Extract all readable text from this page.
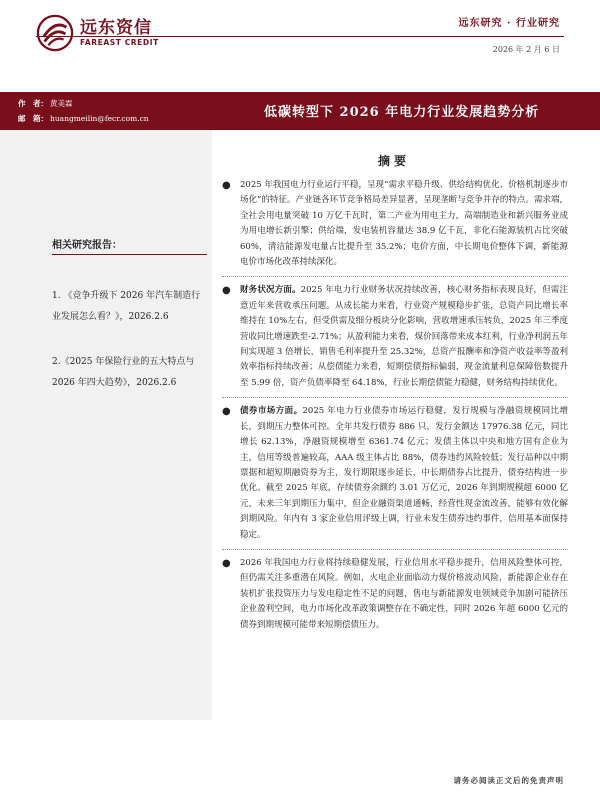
远东资信
FAREAST CREDIT
远东研究 · 行业研究
2026 年 2 月 6 日
作　者： 黄美霖
邮　箱： huangmeilin@fecr.com.cn	低碳转型下 2026 年电力行业发展趋势分析
相关研究报告：
1. 《竞争升级下 2026 年汽车制造行业发展怎么看？》，2026.2.6
2.《2025 年保险行业的五大特点与 2026 年四大趋势》，2026.2.6
摘要
● 2025 年我国电力行业运行平稳，呈现“需求平稳升级、供给结构优化、价格机制逐步市场化”的特征。产业链各环节竞争格局差异显著，呈现垄断与竞争并存的特点。需求端，全社会用电量突破 10 万亿千瓦时，第二产业为用电主力，高端制造业和新兴服务业成为用电增长新引擎；供给端，发电装机容量达 38.9 亿千瓦，非化石能源装机占比突破 60%，清洁能源发电量占比提升至 35.2%；电价方面，中长期电价整体下调，新能源电价市场化改革持续深化。
● 财务状况方面。2025 年电力行业财务状况持续改善，核心财务指标表现良好，但需注意近年来营收承压问题。从成长能力来看，行业资产规模稳步扩张，总资产同比增长率维持在 10%左右，但受供需及细分板块分化影响，营收增速承压转负，2025 年三季度营收同比增速跌至-2.71%；从盈利能力来看，煤价回落带来成本红利，行业净利润五年间实现超 3 倍增长，销售毛利率提升至 25.32%，总资产报酬率和净资产收益率等盈利效率指标持续改善；从偿债能力来看，短期偿债指标偏弱，现金流量利息保障倍数提升至 5.99 倍，资产负债率降至 64.18%，行业长期偿债能力稳健，财务结构持续优化。
● 债券市场方面。2025 年电力行业债券市场运行稳健，发行规模与净融资规模同比增长，到期压力整体可控。全年共发行债券 886 只，发行金额达 17976.38 亿元，同比增长 62.13%，净融资规模增至 6361.74 亿元；发债主体以中央和地方国有企业为主，信用等级普遍较高，AAA 级主体占比 88%，债券违约风险较低；发行品种以中期票据和超短期融资券为主，发行期限逐步延长，中长期债券占比提升，债券结构进一步优化。截至 2025 年底，存续债券余额约 3.01 万亿元，2026 年到期规模超 6000 亿元，未来三年到期压力集中，但企业融资渠道通畅，经营性现金流改善，能够有效化解到期风险。年内有 3 家企业信用评级上调，行业未发生债券违约事件，信用基本面保持稳定。
● 2026 年我国电力行业将持续稳健发展，行业信用水平稳步提升，信用风险整体可控，但仍需关注多重潜在风险。例如，火电企业面临动力煤价格波动风险，新能源企业存在装机扩张投资压力与发电稳定性不足的问题，售电与新能源发电领域竞争加剧可能挤压企业盈利空间，电力市场化改革政策调整存在不确定性，同时 2026 年超 6000 亿元的债券到期规模可能带来短期偿债压力。
请务必阅读正文后的免责声明
